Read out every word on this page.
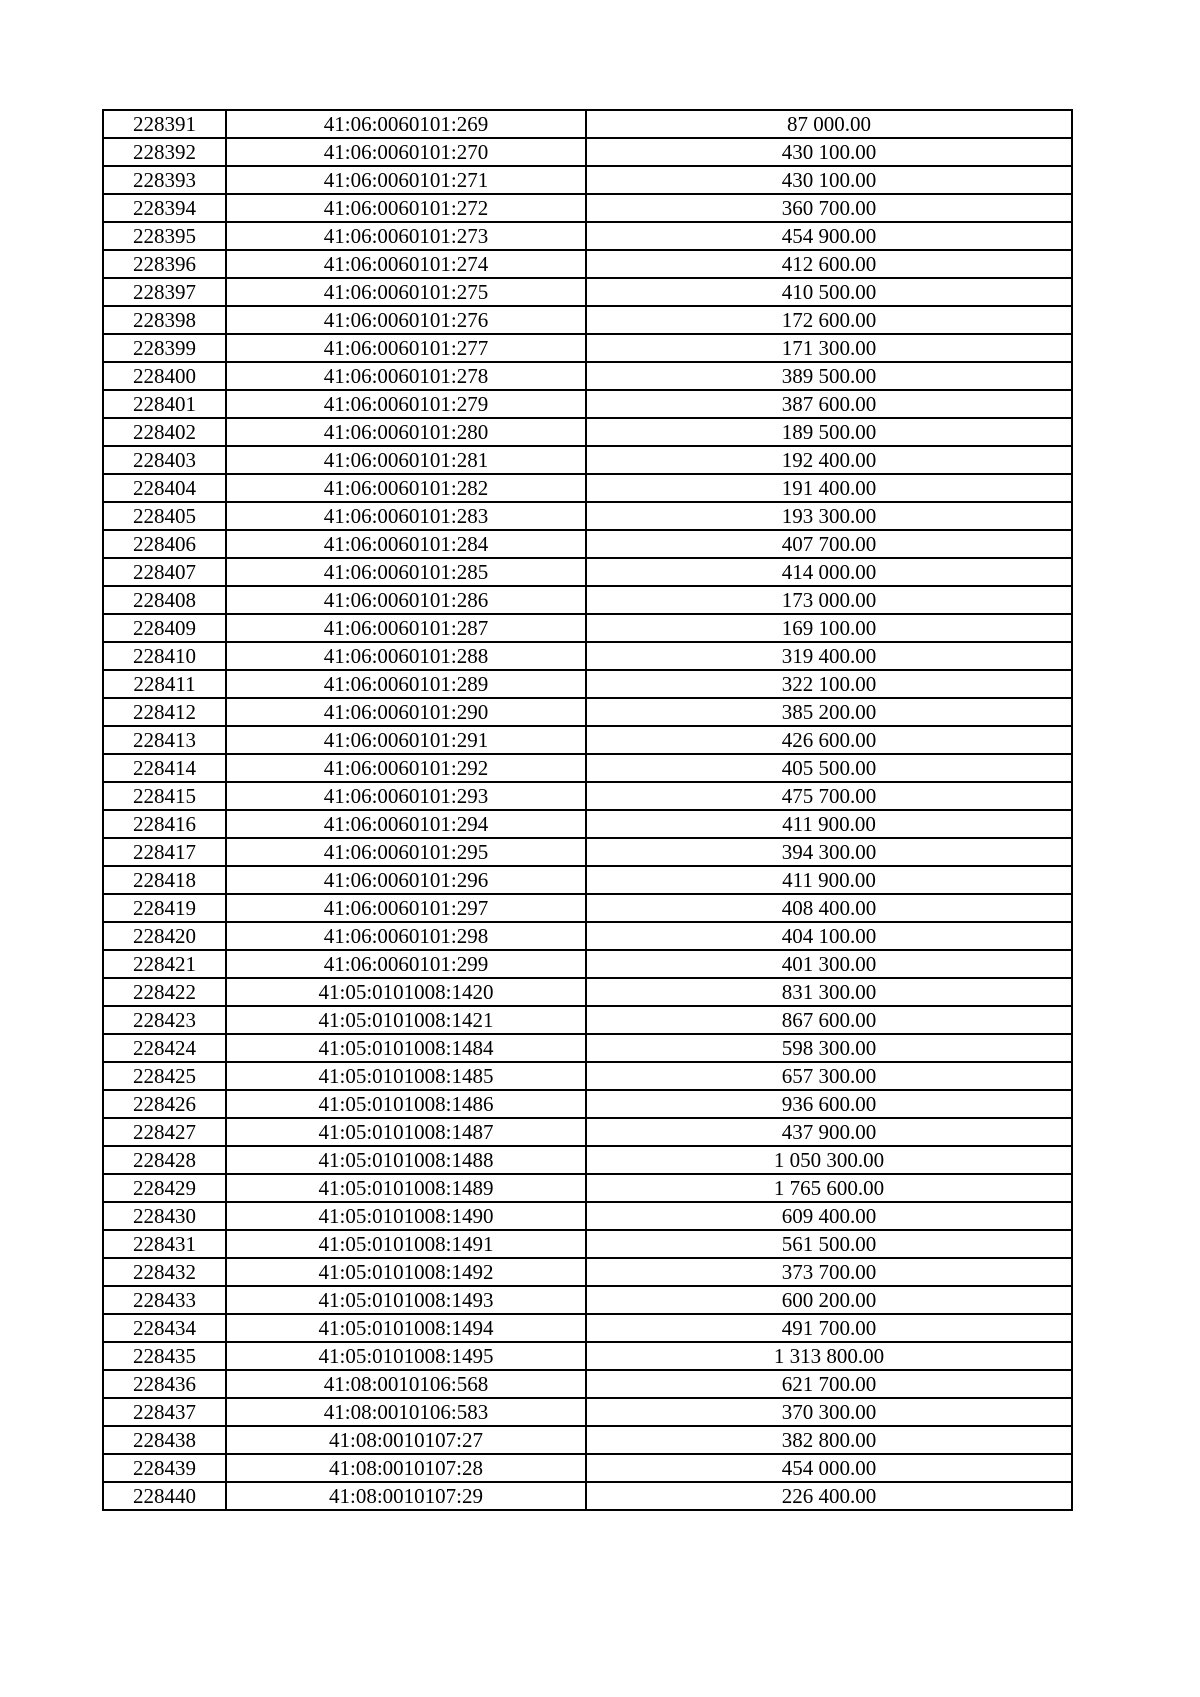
228391	41:06:0060101:269	87 000.00
228392	41:06:0060101:270	430 100.00
228393	41:06:0060101:271	430 100.00
228394	41:06:0060101:272	360 700.00
228395	41:06:0060101:273	454 900.00
228396	41:06:0060101:274	412 600.00
228397	41:06:0060101:275	410 500.00
228398	41:06:0060101:276	172 600.00
228399	41:06:0060101:277	171 300.00
228400	41:06:0060101:278	389 500.00
228401	41:06:0060101:279	387 600.00
228402	41:06:0060101:280	189 500.00
228403	41:06:0060101:281	192 400.00
228404	41:06:0060101:282	191 400.00
228405	41:06:0060101:283	193 300.00
228406	41:06:0060101:284	407 700.00
228407	41:06:0060101:285	414 000.00
228408	41:06:0060101:286	173 000.00
228409	41:06:0060101:287	169 100.00
228410	41:06:0060101:288	319 400.00
228411	41:06:0060101:289	322 100.00
228412	41:06:0060101:290	385 200.00
228413	41:06:0060101:291	426 600.00
228414	41:06:0060101:292	405 500.00
228415	41:06:0060101:293	475 700.00
228416	41:06:0060101:294	411 900.00
228417	41:06:0060101:295	394 300.00
228418	41:06:0060101:296	411 900.00
228419	41:06:0060101:297	408 400.00
228420	41:06:0060101:298	404 100.00
228421	41:06:0060101:299	401 300.00
228422	41:05:0101008:1420	831 300.00
228423	41:05:0101008:1421	867 600.00
228424	41:05:0101008:1484	598 300.00
228425	41:05:0101008:1485	657 300.00
228426	41:05:0101008:1486	936 600.00
228427	41:05:0101008:1487	437 900.00
228428	41:05:0101008:1488	1 050 300.00
228429	41:05:0101008:1489	1 765 600.00
228430	41:05:0101008:1490	609 400.00
228431	41:05:0101008:1491	561 500.00
228432	41:05:0101008:1492	373 700.00
228433	41:05:0101008:1493	600 200.00
228434	41:05:0101008:1494	491 700.00
228435	41:05:0101008:1495	1 313 800.00
228436	41:08:0010106:568	621 700.00
228437	41:08:0010106:583	370 300.00
228438	41:08:0010107:27	382 800.00
228439	41:08:0010107:28	454 000.00
228440	41:08:0010107:29	226 400.00
